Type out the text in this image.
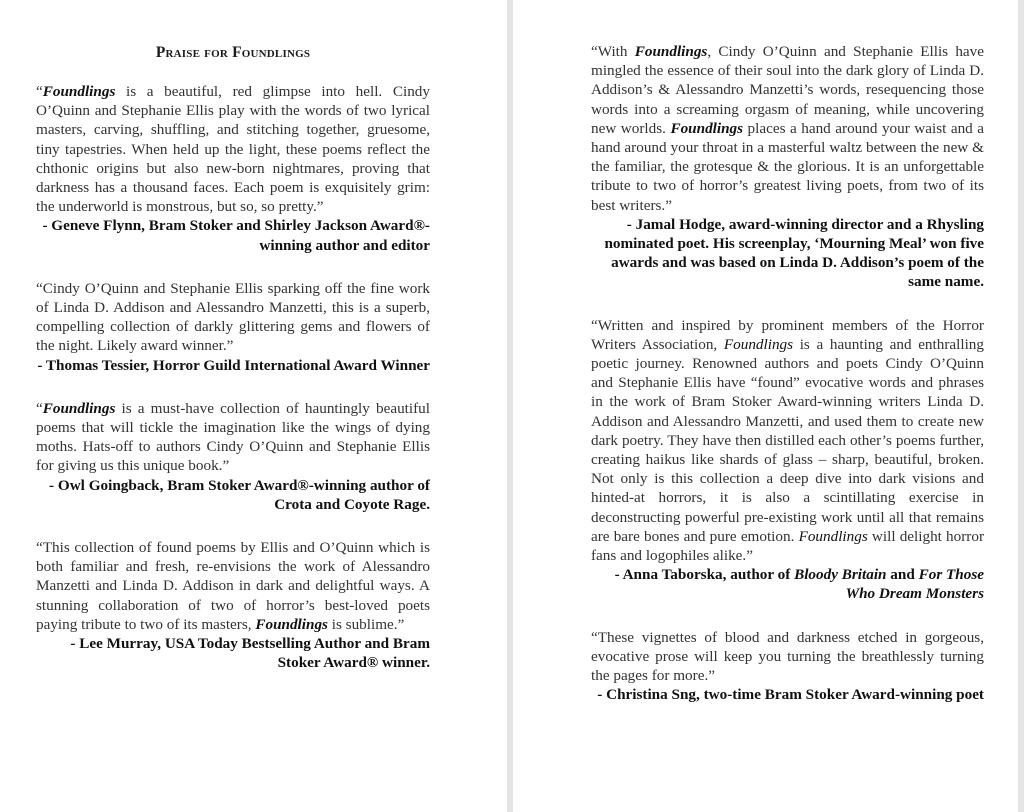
Praise for Foundlings

“Foundlings is a beautiful, red glimpse into hell. Cindy O’Quinn and Stephanie Ellis play with the words of two lyrical masters, carving, shuffling, and stitching together, gruesome, tiny tapestries. When held up the light, these poems reflect the chthonic origins but also new-born nightmares, proving that darkness has a thousand faces. Each poem is exquisitely grim: the underworld is monstrous, but so, so pretty.”

- Geneve Flynn, Bram Stoker and Shirley Jackson Award®-winning author and editor

“Cindy O’Quinn and Stephanie Ellis sparking off the fine work of Linda D. Addison and Alessandro Manzetti, this is a superb, compelling collection of darkly glittering gems and flowers of the night. Likely award winner.”

- Thomas Tessier, Horror Guild International Award Winner

“Foundlings is a must-have collection of hauntingly beautiful poems that will tickle the imagination like the wings of dying moths. Hats-off to authors Cindy O’Quinn and Stephanie Ellis for giving us this unique book.”

- Owl Goingback, Bram Stoker Award®-winning author of Crota and Coyote Rage.

“This collection of found poems by Ellis and O’Quinn which is both familiar and fresh, re-envisions the work of Alessandro Manzetti and Linda D. Addison in dark and delightful ways. A stunning collaboration of two of horror’s best-loved poets paying tribute to two of its masters, Foundlings is sublime.”

- Lee Murray, USA Today Bestselling Author and Bram Stoker Award® winner.

“With Foundlings, Cindy O’Quinn and Stephanie Ellis have mingled the essence of their soul into the dark glory of Linda D. Addison’s & Alessandro Manzetti’s words, resequencing those words into a screaming orgasm of meaning, while uncovering new worlds. Foundlings places a hand around your waist and a hand around your throat in a masterful waltz between the new & the familiar, the grotesque & the glorious. It is an unforgettable tribute to two of horror’s greatest living poets, from two of its best writers.”

- Jamal Hodge, award-winning director and a Rhysling nominated poet. His screenplay, ‘Mourning Meal’ won five awards and was based on Linda D. Addison’s poem of the same name.

“Written and inspired by prominent members of the Horror Writers Association, Foundlings is a haunting and enthralling poetic journey. Renowned authors and poets Cindy O’Quinn and Stephanie Ellis have “found” evocative words and phrases in the work of Bram Stoker Award-winning writers Linda D. Addison and Alessandro Manzetti, and used them to create new dark poetry. They have then distilled each other’s poems further, creating haikus like shards of glass – sharp, beautiful, broken. Not only is this collection a deep dive into dark visions and hinted-at horrors, it is also a scintillating exercise in deconstructing powerful pre-existing work until all that remains are bare bones and pure emotion. Foundlings will delight horror fans and logophiles alike.”

- Anna Taborska, author of Bloody Britain and For Those Who Dream Monsters

“These vignettes of blood and darkness etched in gorgeous, evocative prose will keep you turning the breathlessly turning the pages for more.”

- Christina Sng, two-time Bram Stoker Award-winning poet
